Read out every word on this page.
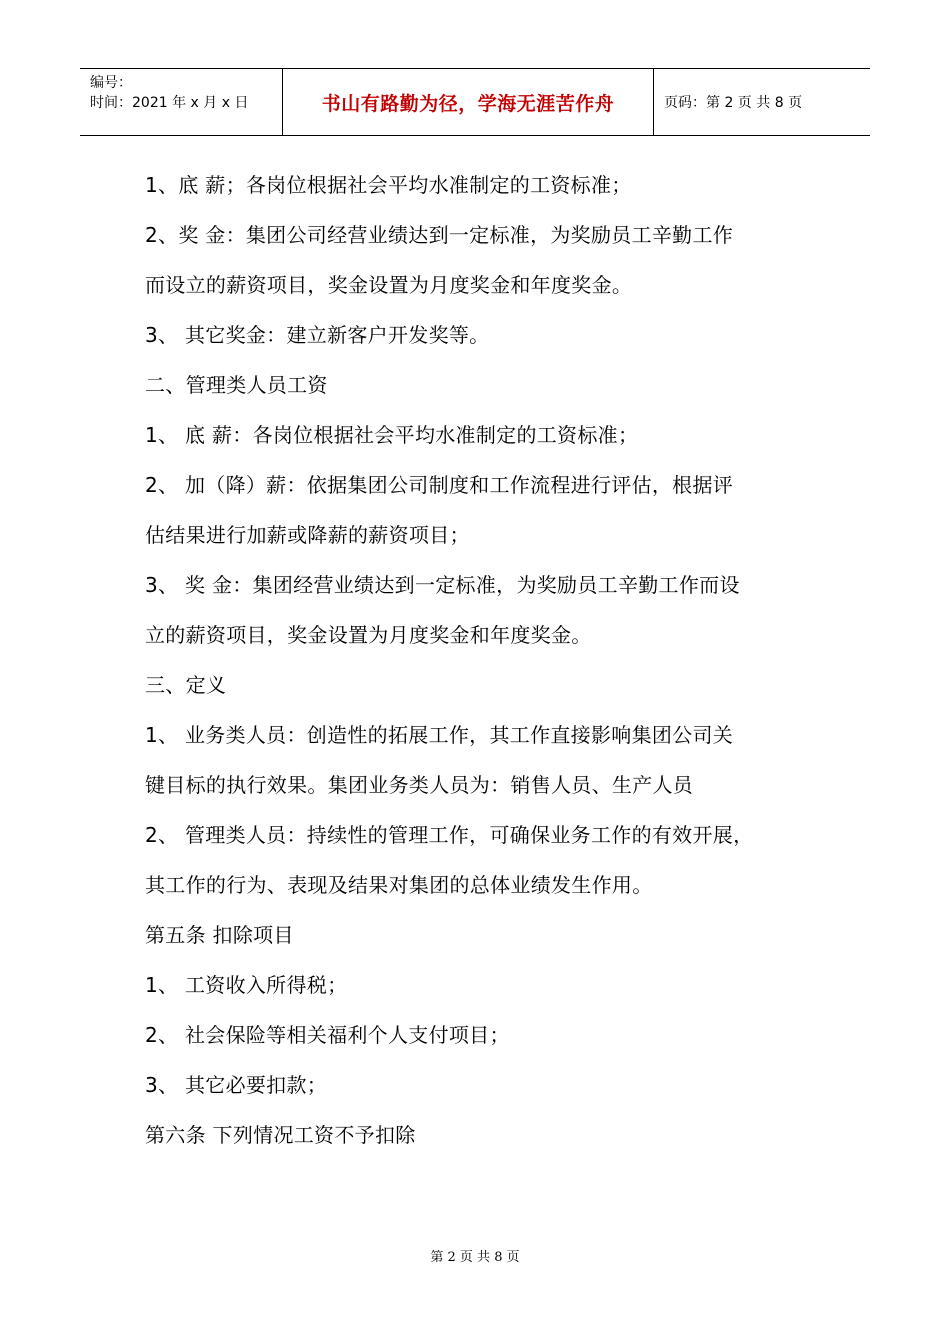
编号：
时间：2021 年 x 月 x 日	书山有路勤为径，学海无涯苦作舟	页码：第 2 页 共 8 页
1、底 薪；各岗位根据社会平均水准制定的工资标准；
2、奖 金：集团公司经营业绩达到一定标准，为奖励员工辛勤工作
而设立的薪资项目，奖金设置为月度奖金和年度奖金。
3、 其它奖金：建立新客户开发奖等。
二、管理类人员工资
1、 底 薪：各岗位根据社会平均水准制定的工资标准；
2、 加（降）薪：依据集团公司制度和工作流程进行评估，根据评
估结果进行加薪或降薪的薪资项目；
3、 奖 金：集团经营业绩达到一定标准，为奖励员工辛勤工作而设
立的薪资项目，奖金设置为月度奖金和年度奖金。
三、定义
1、 业务类人员：创造性的拓展工作，其工作直接影响集团公司关
键目标的执行效果。集团业务类人员为：销售人员、生产人员
2、 管理类人员：持续性的管理工作，可确保业务工作的有效开展，
其工作的行为、表现及结果对集团的总体业绩发生作用。
第五条 扣除项目
1、 工资收入所得税；
2、 社会保险等相关福利个人支付项目；
3、 其它必要扣款；
第六条 下列情况工资不予扣除
第 2 页 共 8 页
